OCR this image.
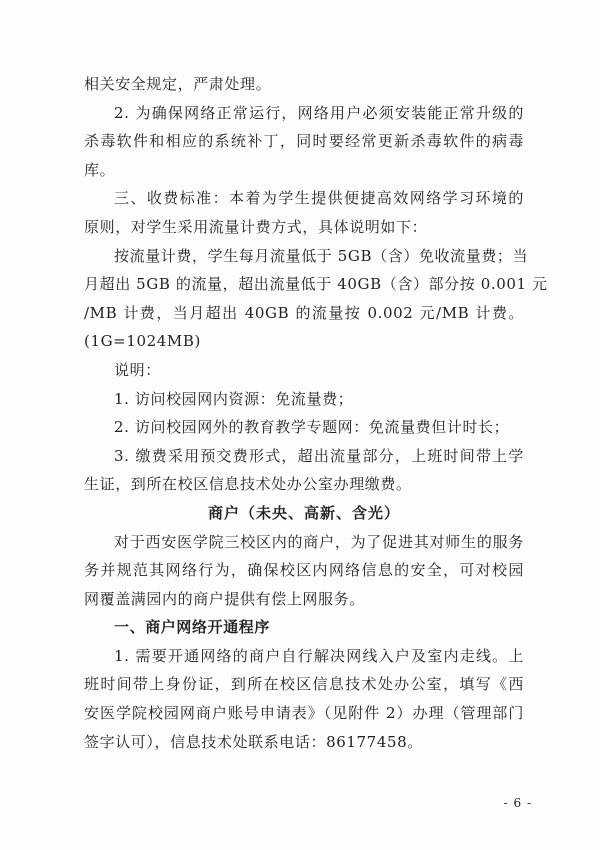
相关安全规定，严肃处理。
2. 为确保网络正常运行，网络用户必须安装能正常升级的
杀毒软件和相应的系统补丁，同时要经常更新杀毒软件的病毒
库。
三、收费标准：本着为学生提供便捷高效网络学习环境的
原则，对学生采用流量计费方式，具体说明如下：
按流量计费，学生每月流量低于 5GB（含）免收流量费；当
月超出 5GB 的流量，超出流量低于 40GB（含）部分按 0.001 元
/MB 计费，当月超出 40GB 的流量按 0.002 元/MB 计费。
(1G=1024MB)
说明：
1. 访问校园网内资源：免流量费；
2. 访问校园网外的教育教学专题网：免流量费但计时长；
3. 缴费采用预交费形式，超出流量部分，上班时间带上学
生证，到所在校区信息技术处办公室办理缴费。
商户（未央、高新、含光）
对于西安医学院三校区内的商户，为了促进其对师生的服务
务并规范其网络行为，确保校区内网络信息的安全，可对校园
网覆盖满园内的商户提供有偿上网服务。
一、商户网络开通程序
1. 需要开通网络的商户自行解决网线入户及室内走线。上
班时间带上身份证，到所在校区信息技术处办公室，填写《西
安医学院校园网商户账号申请表》（见附件 2）办理（管理部门
签字认可），信息技术处联系电话：86177458。
- 6 -
